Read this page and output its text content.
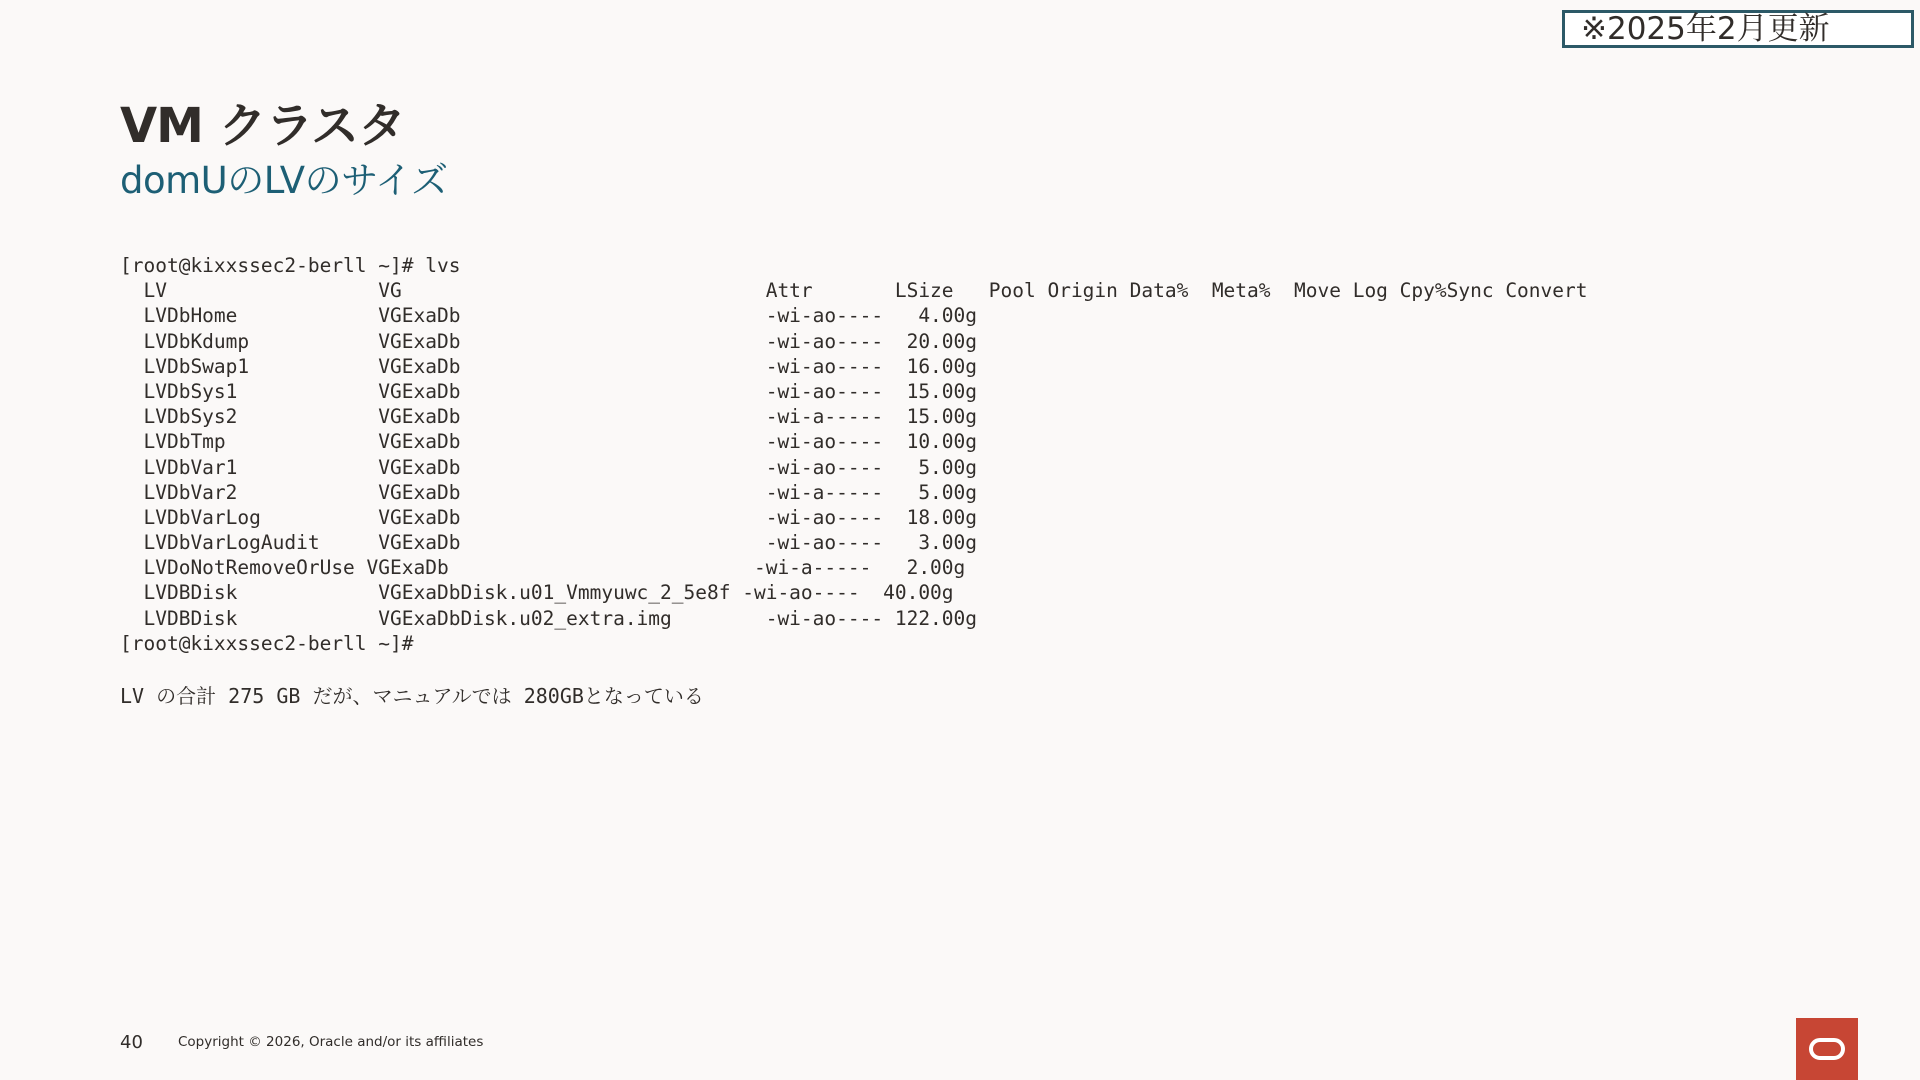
※2025年2月更新
VM クラスタ
domUのLVのサイズ
[root@kixxssec2-berll ~]# lvs
LV                  VG                               Attr       LSize   Pool Origin Data%  Meta%  Move Log Cpy%Sync Convert
LVDbHome            VGExaDb                          -wi-ao----   4.00g
LVDbKdump           VGExaDb                          -wi-ao----  20.00g
LVDbSwap1           VGExaDb                          -wi-ao----  16.00g
LVDbSys1            VGExaDb                          -wi-ao----  15.00g
LVDbSys2            VGExaDb                          -wi-a-----  15.00g
LVDbTmp             VGExaDb                          -wi-ao----  10.00g
LVDbVar1            VGExaDb                          -wi-ao----   5.00g
LVDbVar2            VGExaDb                          -wi-a-----   5.00g
LVDbVarLog          VGExaDb                          -wi-ao----  18.00g
LVDbVarLogAudit     VGExaDb                          -wi-ao----   3.00g
LVDoNotRemoveOrUse VGExaDb                          -wi-a-----   2.00g
LVDBDisk            VGExaDbDisk.u01_Vmmyuwc_2_5e8f -wi-ao----  40.00g
LVDBDisk            VGExaDbDisk.u02_extra.img        -wi-ao---- 122.00g
[root@kixxssec2-berll ~]#
LV の合計 275 GB だが、マニュアルでは 280GBとなっている
40	Copyright © 2026, Oracle and/or its affiliates
